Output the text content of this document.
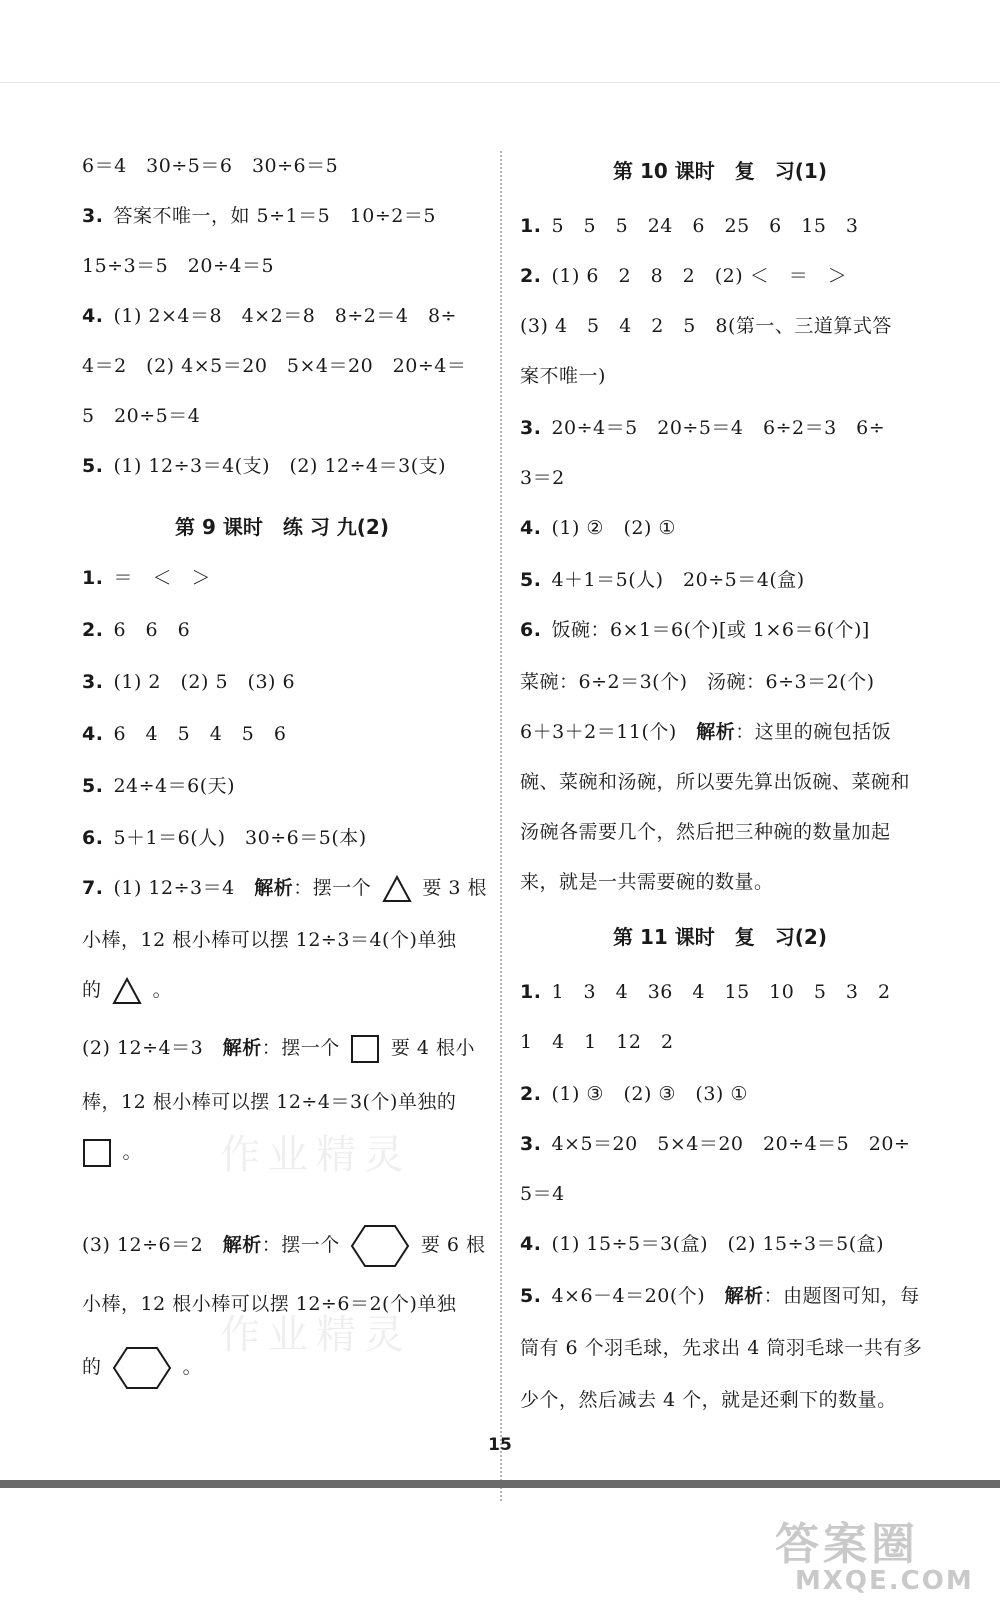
6＝4　30÷5＝6　30÷6＝5
3. 答案不唯一，如 5÷1＝5　10÷2＝5
15÷3＝5　20÷4＝5
4. (1) 2×4＝8　4×2＝8　8÷2＝4　8÷
4＝2　(2) 4×5＝20　5×4＝20　20÷4＝
5　20÷5＝4
5. (1) 12÷3＝4(支)　(2) 12÷4＝3(支)
第 9 课时　练 习 九(2)
1. ＝　＜　＞
2. 6　6　6
3. (1) 2　(2) 5　(3) 6
4. 6　4　5　4　5　6
5. 24÷4＝6(天)
6. 5＋1＝6(人)　30÷6＝5(本)
7. (1) 12÷3＝4　解析：摆一个	要 3 根
小棒，12 根小棒可以摆 12÷3＝4(个)单独
的	。
(2) 12÷4＝3　解析：摆一个	要 4 根小
棒，12 根小棒可以摆 12÷4＝3(个)单独的
。
(3) 12÷6＝2　解析：摆一个	要 6 根
小棒，12 根小棒可以摆 12÷6＝2(个)单独
的	。
第 10 课时　复　习(1)
1. 5　5　5　24　6　25　6　15　3
2. (1) 6　2　8　2　(2) ＜　＝　＞
(3) 4　5　4　2　5　8(第一、三道算式答
案不唯一)
3. 20÷4＝5　20÷5＝4　6÷2＝3　6÷
3＝2
4. (1) ②　(2) ①
5. 4＋1＝5(人)　20÷5＝4(盒)
6. 饭碗：6×1＝6(个)[或 1×6＝6(个)]
菜碗：6÷2＝3(个)　汤碗：6÷3＝2(个)
6＋3＋2＝11(个)　解析：这里的碗包括饭
碗、菜碗和汤碗，所以要先算出饭碗、菜碗和
汤碗各需要几个，然后把三种碗的数量加起
来，就是一共需要碗的数量。
第 11 课时　复　习(2)
1. 1　3　4　36　4　15　10　5　3　2
1　4　1　12　2
2. (1) ③　(2) ③　(3) ①
3. 4×5＝20　5×4＝20　20÷4＝5　20÷
5＝4
4. (1) 15÷5＝3(盒)　(2) 15÷3＝5(盒)
5. 4×6－4＝20(个)　解析：由题图可知，每
筒有 6 个羽毛球，先求出 4 筒羽毛球一共有多
少个，然后减去 4 个，就是还剩下的数量。
作业精灵
作业精灵
15
答案圈
MXQE.COM
